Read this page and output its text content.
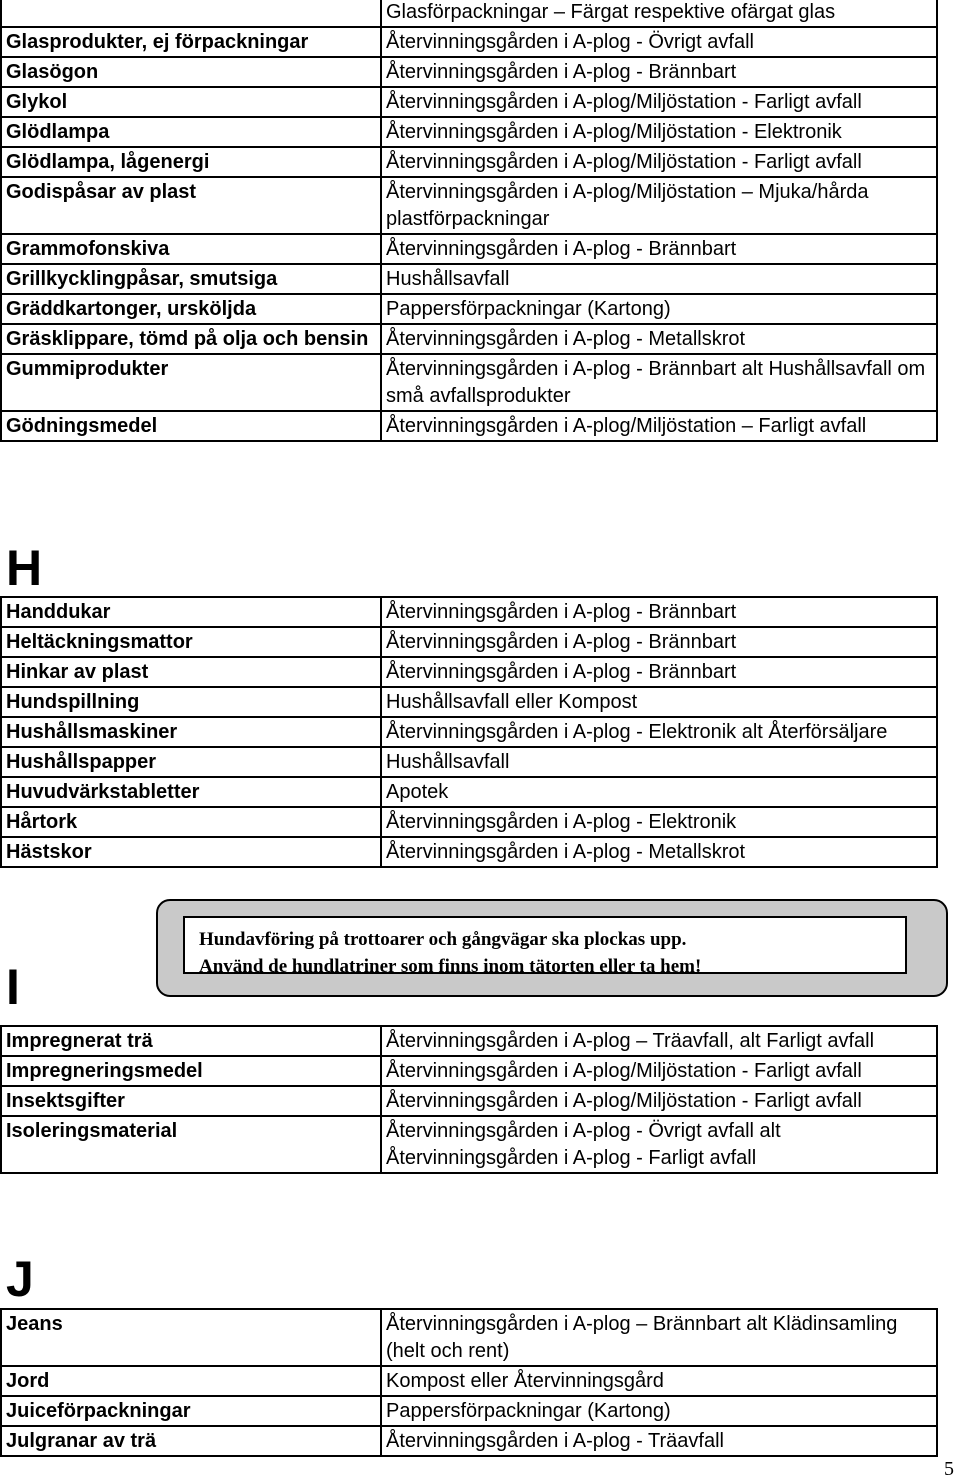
	Glasförpackningar – Färgat respektive ofärgat glas
Glasprodukter, ej förpackningar	Återvinningsgården i A-plog - Övrigt avfall
Glasögon	Återvinningsgården i A-plog - Brännbart
Glykol	Återvinningsgården i A-plog/Miljöstation - Farligt avfall
Glödlampa	Återvinningsgården i A-plog/Miljöstation - Elektronik
Glödlampa, lågenergi	Återvinningsgården i A-plog/Miljöstation - Farligt avfall
Godispåsar av plast	Återvinningsgården i A-plog/Miljöstation – Mjuka/hårda plastförpackningar
Grammofonskiva	Återvinningsgården i A-plog - Brännbart
Grillkycklingpåsar, smutsiga	Hushållsavfall
Gräddkartonger, ursköljda	Pappersförpackningar (Kartong)
Gräsklippare, tömd på olja och bensin	Återvinningsgården i A-plog - Metallskrot
Gummiprodukter	Återvinningsgården i A-plog - Brännbart alt Hushållsavfall om små avfallsprodukter
Gödningsmedel	Återvinningsgården i A-plog/Miljöstation – Farligt avfall
H
Handdukar	Återvinningsgården i A-plog - Brännbart
Heltäckningsmattor	Återvinningsgården i A-plog - Brännbart
Hinkar av plast	Återvinningsgården i A-plog - Brännbart
Hundspillning	Hushållsavfall eller Kompost
Hushållsmaskiner	Återvinningsgården i A-plog - Elektronik alt Återförsäljare
Hushållspapper	Hushållsavfall
Huvudvärkstabletter	Apotek
Hårtork	Återvinningsgården i A-plog - Elektronik
Hästskor	Återvinningsgården i A-plog - Metallskrot
Hundavföring på trottoarer och gångvägar ska plockas upp.
Använd de hundlatriner som finns inom tätorten eller ta hem!
I
Impregnerat trä	Återvinningsgården i A-plog – Träavfall, alt Farligt avfall
Impregneringsmedel	Återvinningsgården i A-plog/Miljöstation - Farligt avfall
Insektsgifter	Återvinningsgården i A-plog/Miljöstation - Farligt avfall
Isoleringsmaterial	Återvinningsgården i A-plog - Övrigt avfall alt Återvinningsgården i A-plog - Farligt avfall
J
Jeans	Återvinningsgården i A-plog – Brännbart alt Klädinsamling (helt och rent)
Jord	Kompost eller Återvinningsgård
Juiceförpackningar	Pappersförpackningar (Kartong)
Julgranar av trä	Återvinningsgården i A-plog - Träavfall
5
